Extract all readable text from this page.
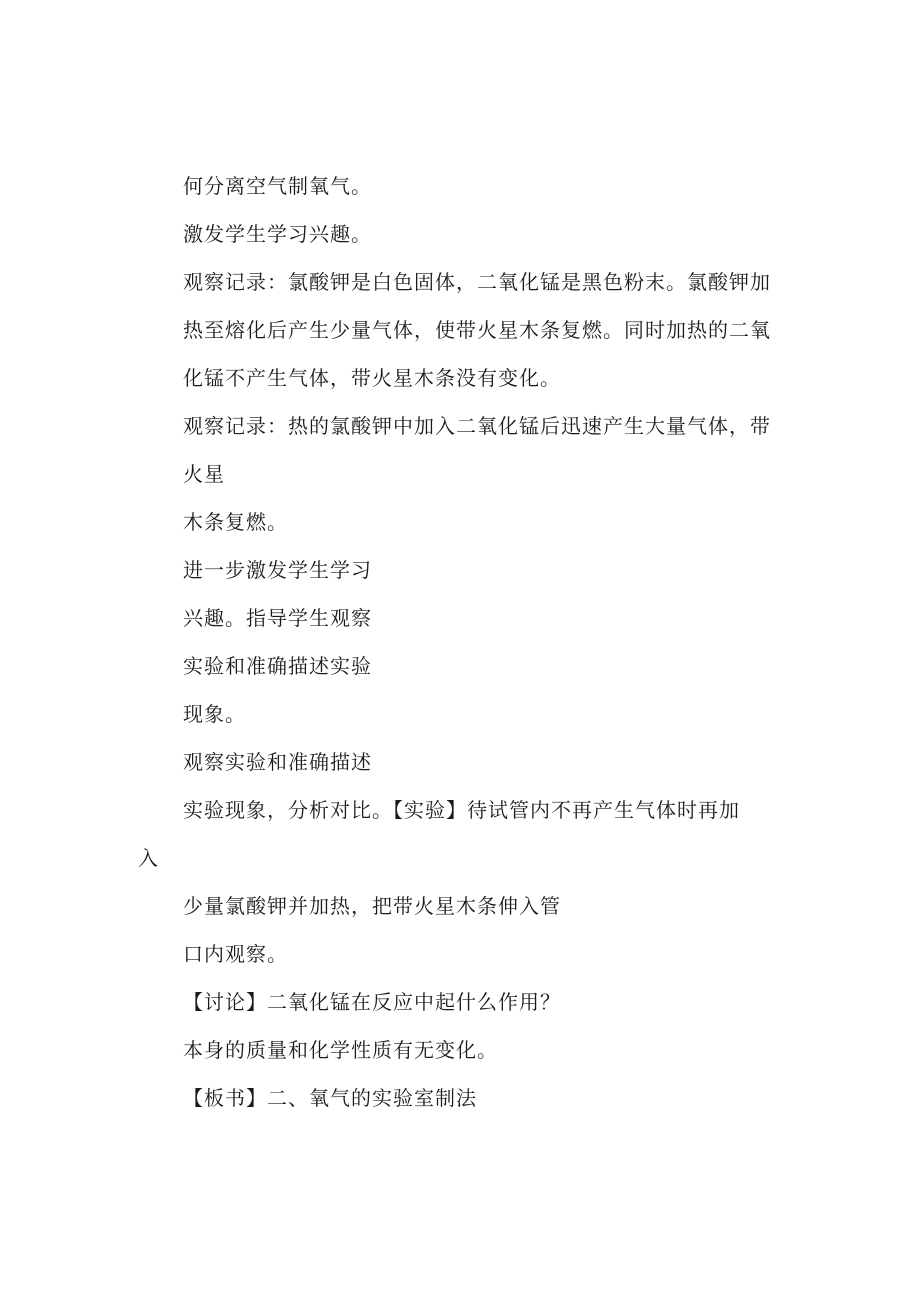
何分离空气制氧气。
激发学生学习兴趣。
观察记录：氯酸钾是白色固体，二氧化锰是黑色粉末。氯酸钾加
热至熔化后产生少量气体，使带火星木条复燃。同时加热的二氧
化锰不产生气体，带火星木条没有变化。
观察记录：热的氯酸钾中加入二氧化锰后迅速产生大量气体，带
火星
木条复燃。
进一步激发学生学习
兴趣。指导学生观察
实验和准确描述实验
现象。
观察实验和准确描述
实验现象，分析对比。【实验】待试管内不再产生气体时再加
入
少量氯酸钾并加热，把带火星木条伸入管
口内观察。
【讨论】二氧化锰在反应中起什么作用？
本身的质量和化学性质有无变化。
【板书】二、氧气的实验室制法
